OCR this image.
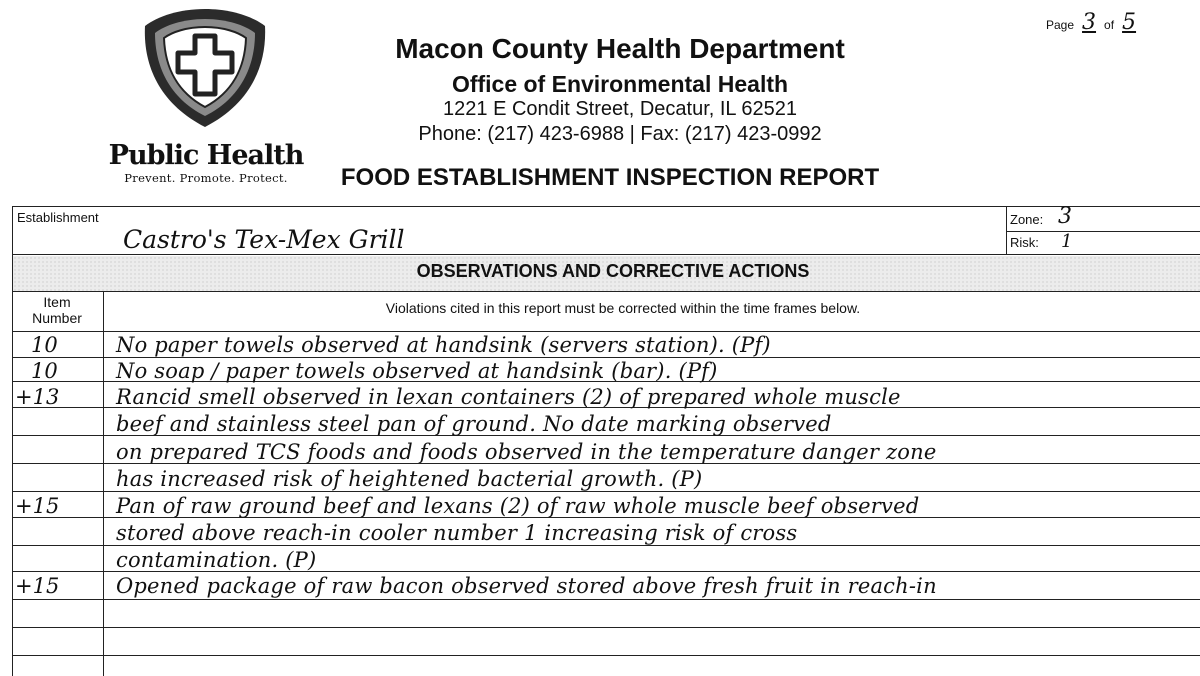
Public Health
Prevent. Promote. Protect.
Macon County Health Department
Office of Environmental Health
1221 E Condit Street, Decatur, IL 62521
Phone: (217) 423-6988 | Fax: (217) 423-0992
FOOD ESTABLISHMENT INSPECTION REPORT
Page 3 of 5
Establishment
Castro's Tex-Mex Grill
Zone: 3
Risk: 1
OBSERVATIONS AND CORRECTIVE ACTIONS
Item
Number
Violations cited in this report must be corrected within the time frames below.
10	No paper towels observed at handsink (servers station). (Pf)
10	No soap / paper towels observed at handsink (bar). (Pf)
+13	Rancid smell observed in lexan containers (2) of prepared whole muscle
beef and stainless steel pan of ground. No date marking observed
on prepared TCS foods and foods observed in the temperature danger zone
has increased risk of heightened bacterial growth. (P)
+15	Pan of raw ground beef and lexans (2) of raw whole muscle beef observed
stored above reach-in cooler number 1 increasing risk of cross
contamination. (P)
+15	Opened package of raw bacon observed stored above fresh fruit in reach-in
